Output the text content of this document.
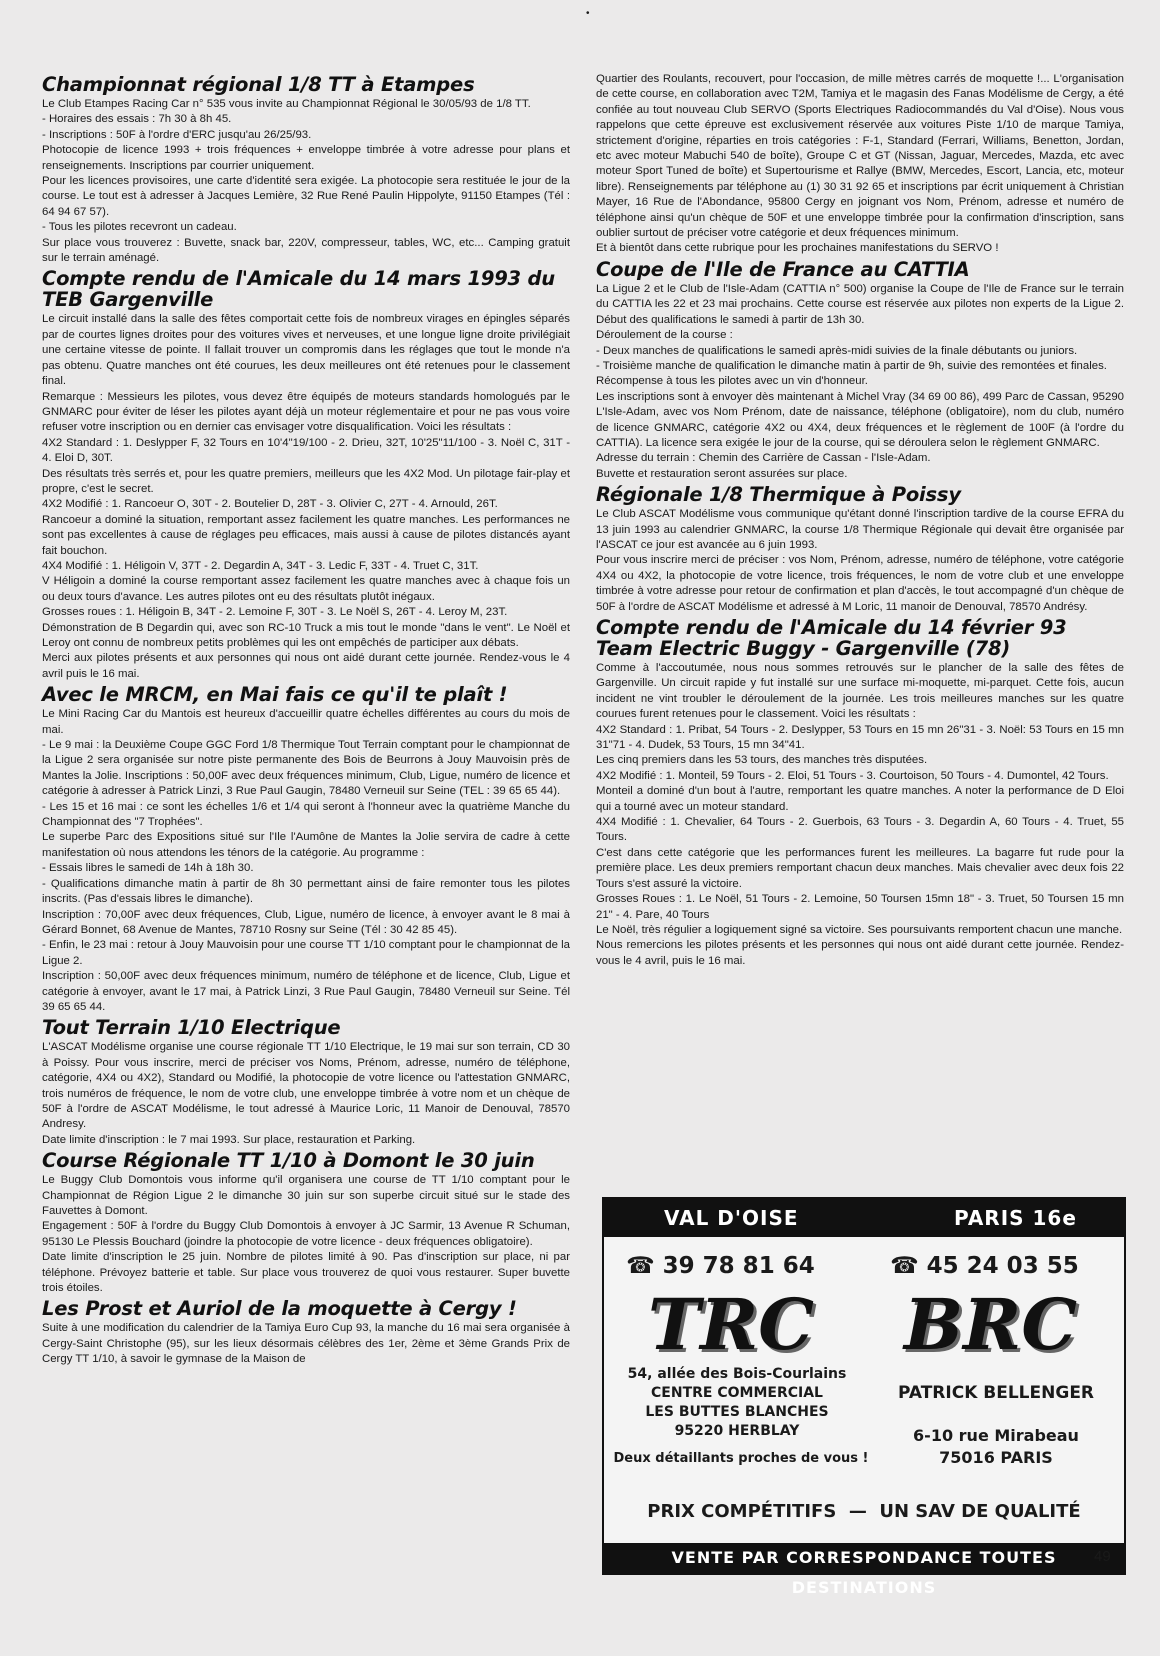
•
Championnat régional 1/8 TT à Etampes

Le Club Etampes Racing Car n° 535 vous invite au Championnat Régional le 30/05/93 de 1/8 TT.

- Horaires des essais : 7h 30 à 8h 45.

- Inscriptions : 50F à l'ordre d'ERC jusqu'au 26/25/93.

Photocopie de licence 1993 + trois fréquences + enveloppe timbrée à votre adresse pour plans et renseignements. Inscriptions par courrier uniquement.

Pour les licences provisoires, une carte d'identité sera exigée. La photocopie sera restituée le jour de la course. Le tout est à adresser à Jacques Lemière, 32 Rue René Paulin Hippolyte, 91150 Etampes (Tél : 64 94 67 57).

- Tous les pilotes recevront un cadeau.

Sur place vous trouverez : Buvette, snack bar, 220V, compresseur, tables, WC, etc... Camping gratuit sur le terrain aménagé.

Compte rendu de l'Amicale du 14 mars 1993 du TEB Gargenville

Le circuit installé dans la salle des fêtes comportait cette fois de nombreux virages en épingles séparés par de courtes lignes droites pour des voitures vives et nerveuses, et une longue ligne droite privilégiait une certaine vitesse de pointe. Il fallait trouver un compromis dans les réglages que tout le monde n'a pas obtenu. Quatre manches ont été courues, les deux meilleures ont été retenues pour le classement final.

Remarque : Messieurs les pilotes, vous devez être équipés de moteurs standards homologués par le GNMARC pour éviter de léser les pilotes ayant déjà un moteur réglementaire et pour ne pas vous voire refuser votre inscription ou en dernier cas envisager votre disqualification. Voici les résultats :

4X2 Standard : 1. Deslypper F, 32 Tours en 10'4"19/100 - 2. Drieu, 32T, 10'25"11/100 - 3. Noël C, 31T - 4. Eloi D, 30T.

Des résultats très serrés et, pour les quatre premiers, meilleurs que les 4X2 Mod. Un pilotage fair-play et propre, c'est le secret.

4X2 Modifié : 1. Rancoeur O, 30T - 2. Boutelier D, 28T - 3. Olivier C, 27T - 4. Arnould, 26T.

Rancoeur a dominé la situation, remportant assez facilement les quatre manches. Les performances ne sont pas excellentes à cause de réglages peu efficaces, mais aussi à cause de pilotes distancés ayant fait bouchon.

4X4 Modifié : 1. Héligoin V, 37T - 2. Degardin A, 34T - 3. Ledic F, 33T - 4. Truet C, 31T.

V Héligoin a dominé la course remportant assez facilement les quatre manches avec à chaque fois un ou deux tours d'avance. Les autres pilotes ont eu des résultats plutôt inégaux.

Grosses roues : 1. Héligoin B, 34T - 2. Lemoine F, 30T - 3. Le Noël S, 26T - 4. Leroy M, 23T.

Démonstration de B Degardin qui, avec son RC-10 Truck a mis tout le monde "dans le vent". Le Noël et Leroy ont connu de nombreux petits problèmes qui les ont empêchés de participer aux débats.

Merci aux pilotes présents et aux personnes qui nous ont aidé durant cette journée. Rendez-vous le 4 avril puis le 16 mai.

Avec le MRCM, en Mai fais ce qu'il te plaît !

Le Mini Racing Car du Mantois est heureux d'accueillir quatre échelles différentes au cours du mois de mai.

- Le 9 mai : la Deuxième Coupe GGC Ford 1/8 Thermique Tout Terrain comptant pour le championnat de la Ligue 2 sera organisée sur notre piste permanente des Bois de Beurrons à Jouy Mauvoisin près de Mantes la Jolie. Inscriptions : 50,00F avec deux fréquences minimum, Club, Ligue, numéro de licence et catégorie à adresser à Patrick Linzi, 3 Rue Paul Gaugin, 78480 Verneuil sur Seine (TEL : 39 65 65 44).

- Les 15 et 16 mai : ce sont les échelles 1/6 et 1/4 qui seront à l'honneur avec la quatrième Manche du Championnat des "7 Trophées".

Le superbe Parc des Expositions situé sur l'Ile l'Aumône de Mantes la Jolie servira de cadre à cette manifestation où nous attendons les ténors de la catégorie. Au programme :

- Essais libres le samedi de 14h à 18h 30.

- Qualifications dimanche matin à partir de 8h 30 permettant ainsi de faire remonter tous les pilotes inscrits. (Pas d'essais libres le dimanche).

Inscription : 70,00F avec deux fréquences, Club, Ligue, numéro de licence, à envoyer avant le 8 mai à Gérard Bonnet, 68 Avenue de Mantes, 78710 Rosny sur Seine (Tél : 30 42 85 45).

- Enfin, le 23 mai : retour à Jouy Mauvoisin pour une course TT 1/10 comptant pour le championnat de la Ligue 2.

Inscription : 50,00F avec deux fréquences minimum, numéro de téléphone et de licence, Club, Ligue et catégorie à envoyer, avant le 17 mai, à Patrick Linzi, 3 Rue Paul Gaugin, 78480 Verneuil sur Seine. Tél 39 65 65 44.

Tout Terrain 1/10 Electrique

L'ASCAT Modélisme organise une course régionale TT 1/10 Electrique, le 19 mai sur son terrain, CD 30 à Poissy. Pour vous inscrire, merci de préciser vos Noms, Prénom, adresse, numéro de téléphone, catégorie, 4X4 ou 4X2), Standard ou Modifié, la photocopie de votre licence ou l'attestation GNMARC, trois numéros de fréquence, le nom de votre club, une enveloppe timbrée à votre nom et un chèque de 50F à l'ordre de ASCAT Modélisme, le tout adressé à Maurice Loric, 11 Manoir de Denouval, 78570 Andresy.

Date limite d'inscription : le 7 mai 1993. Sur place, restauration et Parking.

Course Régionale TT 1/10 à Domont le 30 juin

Le Buggy Club Domontois vous informe qu'il organisera une course de TT 1/10 comptant pour le Championnat de Région Ligue 2 le dimanche 30 juin sur son superbe circuit situé sur le stade des Fauvettes à Domont.

Engagement : 50F à l'ordre du Buggy Club Domontois à envoyer à JC Sarmir, 13 Avenue R Schuman, 95130 Le Plessis Bouchard (joindre la photocopie de votre licence - deux fréquences obligatoire).

Date limite d'inscription le 25 juin. Nombre de pilotes limité à 90. Pas d'inscription sur place, ni par téléphone. Prévoyez batterie et table. Sur place vous trouverez de quoi vous restaurer. Super buvette trois étoiles.

Les Prost et Auriol de la moquette à Cergy !

Suite à une modification du calendrier de la Tamiya Euro Cup 93, la manche du 16 mai sera organisée à Cergy-Saint Christophe (95), sur les lieux désormais célèbres des 1er, 2ème et 3ème Grands Prix de Cergy TT 1/10, à savoir le gymnase de la Maison de

Quartier des Roulants, recouvert, pour l'occasion, de mille mètres carrés de moquette !... L'organisation de cette course, en collaboration avec T2M, Tamiya et le magasin des Fanas Modélisme de Cergy, a été confiée au tout nouveau Club SERVO (Sports Electriques Radiocommandés du Val d'Oise). Nous vous rappelons que cette épreuve est exclusivement réservée aux voitures Piste 1/10 de marque Tamiya, strictement d'origine, réparties en trois catégories : F-1, Standard (Ferrari, Williams, Benetton, Jordan, etc avec moteur Mabuchi 540 de boîte), Groupe C et GT (Nissan, Jaguar, Mercedes, Mazda, etc avec moteur Sport Tuned de boîte) et Supertourisme et Rallye (BMW, Mercedes, Escort, Lancia, etc, moteur libre). Renseignements par téléphone au (1) 30 31 92 65 et inscriptions par écrit uniquement à Christian Mayer, 16 Rue de l'Abondance, 95800 Cergy en joignant vos Nom, Prénom, adresse et numéro de téléphone ainsi qu'un chèque de 50F et une enveloppe timbrée pour la confirmation d'inscription, sans oublier surtout de préciser votre catégorie et deux fréquences minimum.

Et à bientôt dans cette rubrique pour les prochaines manifestations du SERVO !

Coupe de l'Ile de France au CATTIA

La Ligue 2 et le Club de l'Isle-Adam (CATTIA n° 500) organise la Coupe de l'Ile de France sur le terrain du CATTIA les 22 et 23 mai prochains. Cette course est réservée aux pilotes non experts de la Ligue 2. Début des qualifications le samedi à partir de 13h 30.

Déroulement de la course :

- Deux manches de qualifications le samedi après-midi suivies de la finale débutants ou juniors.

- Troisième manche de qualification le dimanche matin à partir de 9h, suivie des remontées et finales.

Récompense à tous les pilotes avec un vin d'honneur.

Les inscriptions sont à envoyer dès maintenant à Michel Vray (34 69 00 86), 499 Parc de Cassan, 95290 L'Isle-Adam, avec vos Nom Prénom, date de naissance, téléphone (obligatoire), nom du club, numéro de licence GNMARC, catégorie 4X2 ou 4X4, deux fréquences et le règlement de 100F (à l'ordre du CATTIA). La licence sera exigée le jour de la course, qui se déroulera selon le règlement GNMARC.

Adresse du terrain : Chemin des Carrière de Cassan - l'Isle-Adam.

Buvette et restauration seront assurées sur place.

Régionale 1/8 Thermique à Poissy

Le Club ASCAT Modélisme vous communique qu'étant donné l'inscription tardive de la course EFRA du 13 juin 1993 au calendrier GNMARC, la course 1/8 Thermique Régionale qui devait être organisée par l'ASCAT ce jour est avancée au 6 juin 1993.

Pour vous inscrire merci de préciser : vos Nom, Prénom, adresse, numéro de téléphone, votre catégorie 4X4 ou 4X2, la photocopie de votre licence, trois fréquences, le nom de votre club et une enveloppe timbrée à votre adresse pour retour de confirmation et plan d'accès, le tout accompagné d'un chèque de 50F à l'ordre de ASCAT Modélisme et adressé à M Loric, 11 manoir de Denouval, 78570 Andrésy.

Compte rendu de l'Amicale du 14 février 93 Team Electric Buggy - Gargenville (78)

Comme à l'accoutumée, nous nous sommes retrouvés sur le plancher de la salle des fêtes de Gargenville. Un circuit rapide y fut installé sur une surface mi-moquette, mi-parquet. Cette fois, aucun incident ne vint troubler le déroulement de la journée. Les trois meilleures manches sur les quatre courues furent retenues pour le classement. Voici les résultats :

4X2 Standard : 1. Pribat, 54 Tours - 2. Deslypper, 53 Tours en 15 mn 26"31 - 3. Noël: 53 Tours en 15 mn 31"71 - 4. Dudek, 53 Tours, 15 mn 34"41.

Les cinq premiers dans les 53 tours, des manches très disputées.

4X2 Modifié : 1. Monteil, 59 Tours - 2. Eloi, 51 Tours - 3. Courtoison, 50 Tours - 4. Dumontel, 42 Tours.

Monteil a dominé d'un bout à l'autre, remportant les quatre manches. A noter la performance de D Eloi qui a tourné avec un moteur standard.

4X4 Modifié : 1. Chevalier, 64 Tours - 2. Guerbois, 63 Tours - 3. Degardin A, 60 Tours - 4. Truet, 55 Tours.

C'est dans cette catégorie que les performances furent les meilleures. La bagarre fut rude pour la première place. Les deux premiers remportant chacun deux manches. Mais chevalier avec deux fois 22 Tours s'est assuré la victoire.

Grosses Roues : 1. Le Noël, 51 Tours - 2. Lemoine, 50 Toursen 15mn 18" - 3. Truet, 50 Toursen 15 mn 21" - 4. Pare, 40 Tours

Le Noël, très régulier a logiquement signé sa victoire. Ses poursuivants remportent chacun une manche.

Nous remercions les pilotes présents et les personnes qui nous ont aidé durant cette journée. Rendez-vous le 4 avril, puis le 16 mai.

VAL D'OISE	PARIS 16e
☎ 39 78 81 64	☎ 45 24 03 55
TRC BRC
54, allée des Bois-Courlains
CENTRE COMMERCIAL
LES BUTTES BLANCHES
95220 HERBLAY
Deux détaillants proches de vous !
PATRICK BELLENGER
6-10 rue Mirabeau
75016 PARIS
PRIX COMPÉTITIFS  —  UN SAV DE QUALITÉ
VENTE PAR CORRESPONDANCE TOUTES DESTINATIONS
49
